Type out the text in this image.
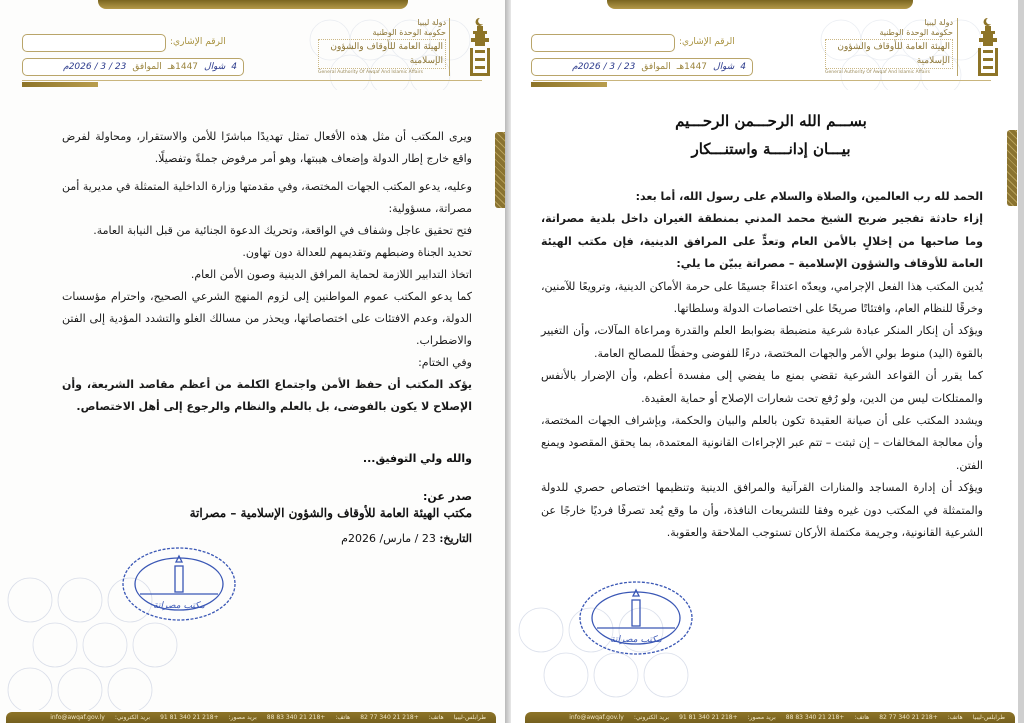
دولة ليبيا
حكومة الوحدة الوطنية
الهيئة العامة للأوقاف والشؤون الإسلامية
General Authority Of Awqaf And Islamic Affairs
الرقم الإشاري:
4
شوال
1447هـ
الموافق
23 / 3 / 2026م

ويرى المكتب أن مثل هذه الأفعال تمثل تهديدًا مباشرًا للأمن والاستقرار، ومحاولة لفرض واقع خارج إطار الدولة وإضعاف هيبتها، وهو أمر مرفوض جملةً وتفصيلًا.

وعليه، يدعو المكتب الجهات المختصة، وفي مقدمتها وزارة الداخلية المتمثلة في مديرية أمن مصراتة، مسؤولية:

فتح تحقيق عاجل وشفاف في الواقعة، وتحريك الدعوة الجنائية من قبل النيابة العامة.

تحديد الجناة وضبطهم وتقديمهم للعدالة دون تهاون.

اتخاذ التدابير اللازمة لحماية المرافق الدينية وصون الأمن العام.

كما يدعو المكتب عموم المواطنين إلى لزوم المنهج الشرعي الصحيح، واحترام مؤسسات الدولة، وعدم الافتئات على اختصاصاتها، ويحذر من مسالك الغلو والتشدد المؤدية إلى الفتن والاضطراب.

وفي الختام:

يؤكد المكتب أن حفظ الأمن واجتماع الكلمة من أعظم مقاصد الشريعة، وأن الإصلاح لا يكون بالفوضى، بل بالعلم والنظام والرجوع إلى أهل الاختصاص.

والله ولي التوفيق...
صدر عن:
مكتب الهيئة العامة للأوقاف والشؤون الإسلامية – مصراتة
التاريخ: 23 / مارس/ 2026م
مكتب مصراتة
طرابلس-ليبيا
هاتف:
+218 21 340 77 82
هاتف:
+218 21 340 83 88
بريد مصور:
+218 21 340 81 91
بريد الكتروني:
info@awqaf.gov.ly
دولة ليبيا
حكومة الوحدة الوطنية
الهيئة العامة للأوقاف والشؤون الإسلامية
General Authority Of Awqaf And Islamic Affairs
الرقم الإشاري:
4
شوال
1447هـ
الموافق
23 / 3 / 2026م
بســـم الله الرحـــمن الرحـــيم
بيـــان إدانــــة واستنـــكار

الحمد لله رب العالمين، والصلاة والسلام على رسول الله، أما بعد:

إزاء حادثة تفجير ضريح الشيخ محمد المدني بمنطقة الغيران داخل بلدية مصراتة، وما صاحبها من إخلالٍ بالأمن العام وتعدٍّ على المرافق الدينية، فإن مكتب الهيئة العامة للأوقاف والشؤون الإسلامية – مصراتة يبيّن ما يلي:

يُدين المكتب هذا الفعل الإجرامي، ويعدّه اعتداءً جسيمًا على حرمة الأماكن الدينية، وترويعًا للآمنين، وخرقًا للنظام العام، وافتئاتًا صريحًا على اختصاصات الدولة وسلطاتها.

ويؤكد أن إنكار المنكر عبادة شرعية منضبطة بضوابط العلم والقدرة ومراعاة المآلات، وأن التغيير بالقوة (اليد) منوط بولي الأمر والجهات المختصة، درءًا للفوضى وحفظًا للمصالح العامة.

كما يقرر أن القواعد الشرعية تقضي بمنع ما يفضي إلى مفسدة أعظم، وأن الإضرار بالأنفس والممتلكات ليس من الدين، ولو رُفع تحت شعارات الإصلاح أو حماية العقيدة.

ويشدد المكتب على أن صيانة العقيدة تكون بالعلم والبيان والحكمة، وبإشراف الجهات المختصة، وأن معالجة المخالفات – إن ثبتت – تتم عبر الإجراءات القانونية المعتمدة، بما يحقق المقصود ويمنع الفتن.

ويؤكد أن إدارة المساجد والمنارات القرآنية والمرافق الدينية وتنظيمها اختصاص حصري للدولة والمتمثلة في المكتب دون غيره وفقا للتشريعات النافذة، وأن ما وقع يُعد تصرفًا فرديًا خارجًا عن الشرعية القانونية، وجريمة مكتملة الأركان تستوجب الملاحقة والعقوبة.

مكتب مصراتة
طرابلس-ليبيا
هاتف:
+218 21 340 77 82
هاتف:
+218 21 340 83 88
بريد مصور:
+218 21 340 81 91
بريد الكتروني:
info@awqaf.gov.ly
